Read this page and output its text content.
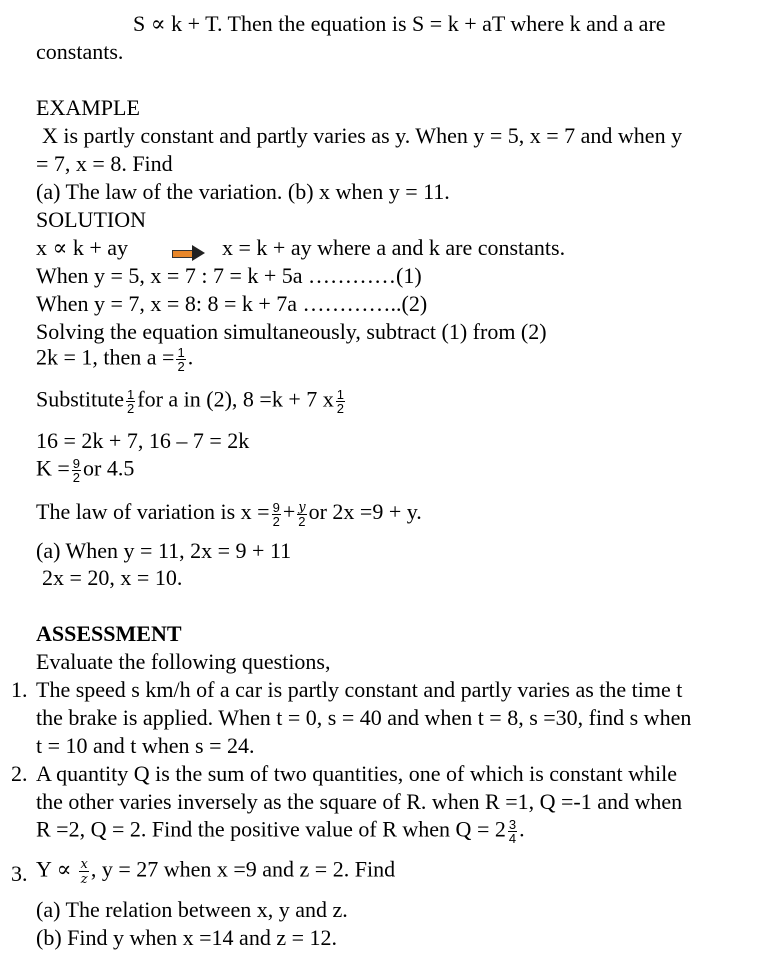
S ∝ k + T. Then the equation is S = k + aT where k and a are
constants.
EXAMPLE
X is partly constant and partly varies as y. When y = 5, x = 7 and when y
= 7, x = 8. Find
(a) The law of the variation. (b) x when y = 11.
SOLUTION
x ∝ k + ay	x = k + ay where a and k are constants.
When y = 5, x = 7 : 7 = k + 5a …………(1)
When y = 7, x = 8: 8 = k + 7a …………..(2)
Solving the equation simultaneously, subtract (1) from (2)
2k = 1, then $a = \frac{1}{2}$ .
Substitute $\frac{1}{2}$ for a in (2), 8 =k + 7 x $\frac{1}{2}$
16 = 2k + 7, 16 – 7 = 2k
$K = \frac{9}{2}$ or 4.5
The law of variation is $x = \frac{9}{2} + \frac{y}{2}$ or 2x =9 + y.
(a) When y = 11, 2x = 9 + 11
2x = 20, x = 10.
ASSESSMENT
Evaluate the following questions,
1. The speed s km/h of a car is partly constant and partly varies as the time t
the brake is applied. When t = 0, s = 40 and when t = 8, s =30, find s when
t = 10 and t when s = 24.
2. A quantity Q is the sum of two quantities, one of which is constant while
the other varies inversely as the square of R. when R =1, Q =-1 and when
R =2, Q = 2. Find the positive value of R when $Q = 2 \frac{3}{4}$ .
3. $Y \propto \frac{x}{z}$ , y = 27 when x =9 and z = 2. Find
(a) The relation between x, y and z.
(b) Find y when x =14 and z = 12.
